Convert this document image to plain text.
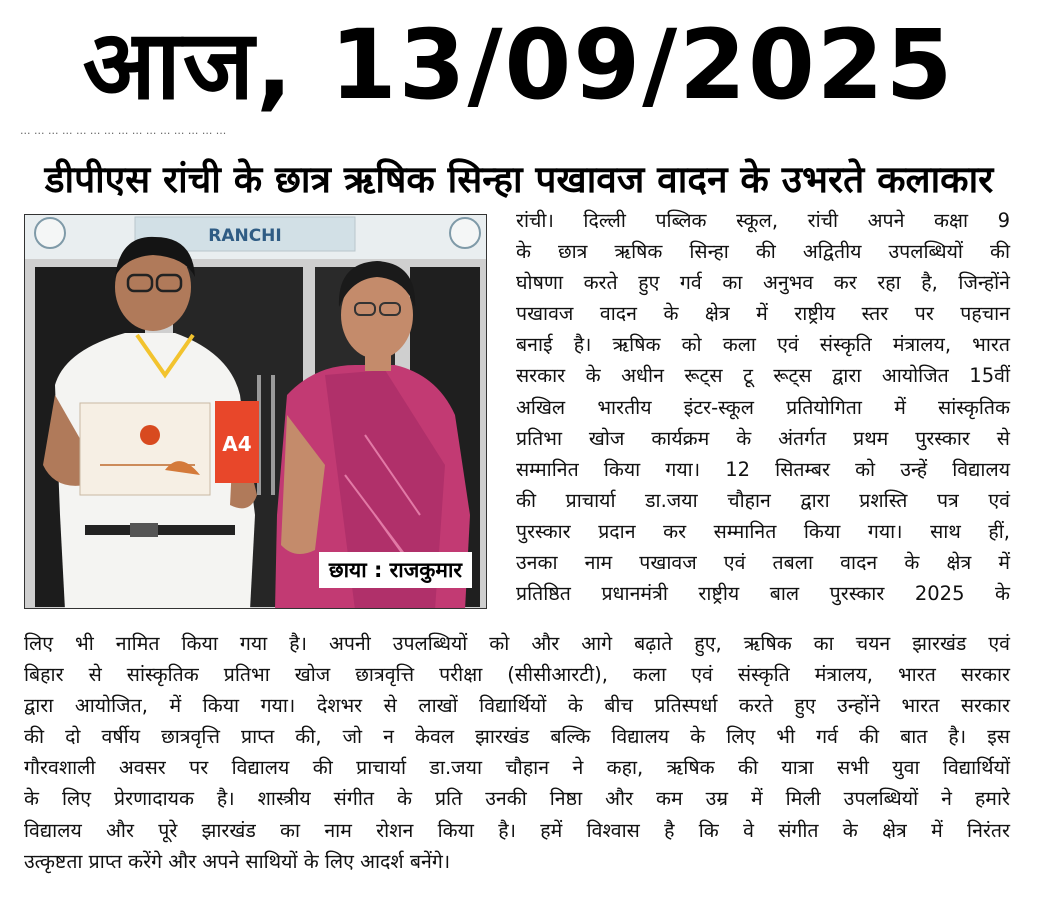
आज, 13/09/2025
... ... ... ... ... ... ... ... ... ... ... ... ... ... ...
डीपीएस रांची के छात्र ऋषिक सिन्हा पखावज वादन के उभरते कलाकार
RANCHI
A4
छाया : राजकुमार
रांची। दिल्ली पब्लिक स्कूल, रांची अपने कक्षा 9
के छात्र ऋषिक सिन्हा की अद्वितीय उपलब्धियों की
घोषणा करते हुए गर्व का अनुभव कर रहा है, जिन्होंने
पखावज वादन के क्षेत्र में राष्ट्रीय स्तर पर पहचान
बनाई है। ऋषिक को कला एवं संस्कृति मंत्रालय, भारत
सरकार के अधीन रूट्स टू रूट्स द्वारा आयोजित 15वीं
अखिल भारतीय इंटर-स्कूल प्रतियोगिता में सांस्कृतिक
प्रतिभा खोज कार्यक्रम के अंतर्गत प्रथम पुरस्कार से
सम्मानित किया गया। 12 सितम्बर को उन्हें विद्यालय
की प्राचार्या डा.जया चौहान द्वारा प्रशस्ति पत्र एवं
पुरस्कार प्रदान कर सम्मानित किया गया। साथ हीं,
उनका नाम पखावज एवं तबला वादन के क्षेत्र में
प्रतिष्ठित प्रधानमंत्री राष्ट्रीय बाल पुरस्कार 2025 के
लिए भी नामित किया गया है। अपनी उपलब्धियों को और आगे बढ़ाते हुए, ऋषिक का चयन झारखंड एवं
बिहार से सांस्कृतिक प्रतिभा खोज छात्रवृत्ति परीक्षा (सीसीआरटी), कला एवं संस्कृति मंत्रालय, भारत सरकार
द्वारा आयोजित, में किया गया। देशभर से लाखों विद्यार्थियों के बीच प्रतिस्पर्धा करते हुए उन्होंने भारत सरकार
की दो वर्षीय छात्रवृत्ति प्राप्त की, जो न केवल झारखंड बल्कि विद्यालय के लिए भी गर्व की बात है। इस
गौरवशाली अवसर पर विद्यालय की प्राचार्या डा.जया चौहान ने कहा, ऋषिक की यात्रा सभी युवा विद्यार्थियों
के लिए प्रेरणादायक है। शास्त्रीय संगीत के प्रति उनकी निष्ठा और कम उम्र में मिली उपलब्धियों ने हमारे
विद्यालय और पूरे झारखंड का नाम रोशन किया है। हमें विश्वास है कि वे संगीत के क्षेत्र में निरंतर
उत्कृष्टता प्राप्त करेंगे और अपने साथियों के लिए आदर्श बनेंगे।
